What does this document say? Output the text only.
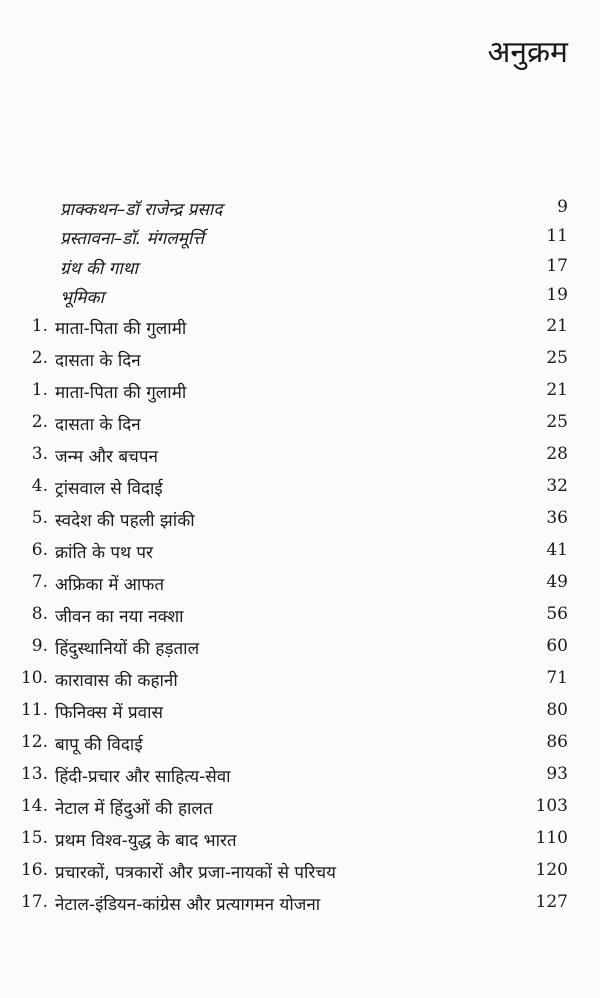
अनुक्रम
प्राक्कथन–डॉ राजेन्द्र प्रसाद	9
प्रस्तावना–डॉ. मंगलमूर्त्ति	11
ग्रंथ की गाथा	17
भूमिका	19
1. माता-पिता की गुलामी	21
2. दासता के दिन	25
1. माता-पिता की गुलामी	21
2. दासता के दिन	25
3. जन्म और बचपन	28
4. ट्रांसवाल से विदाई	32
5. स्वदेश की पहली झांकी	36
6. क्रांति के पथ पर	41
7. अफ्रिका में आफत	49
8. जीवन का नया नक्शा	56
9. हिंदुस्थानियों की हड़ताल	60
10. कारावास की कहानी	71
11. फिनिक्स में प्रवास	80
12. बापू की विदाई	86
13. हिंदी-प्रचार और साहित्य-सेवा	93
14. नेटाल में हिंदुओं की हालत	103
15. प्रथम विश्व-युद्ध के बाद भारत	110
16. प्रचारकों, पत्रकारों और प्रजा-नायकों से परिचय	120
17. नेटाल-इंडियन-कांग्रेस और प्रत्यागमन योजना	127
